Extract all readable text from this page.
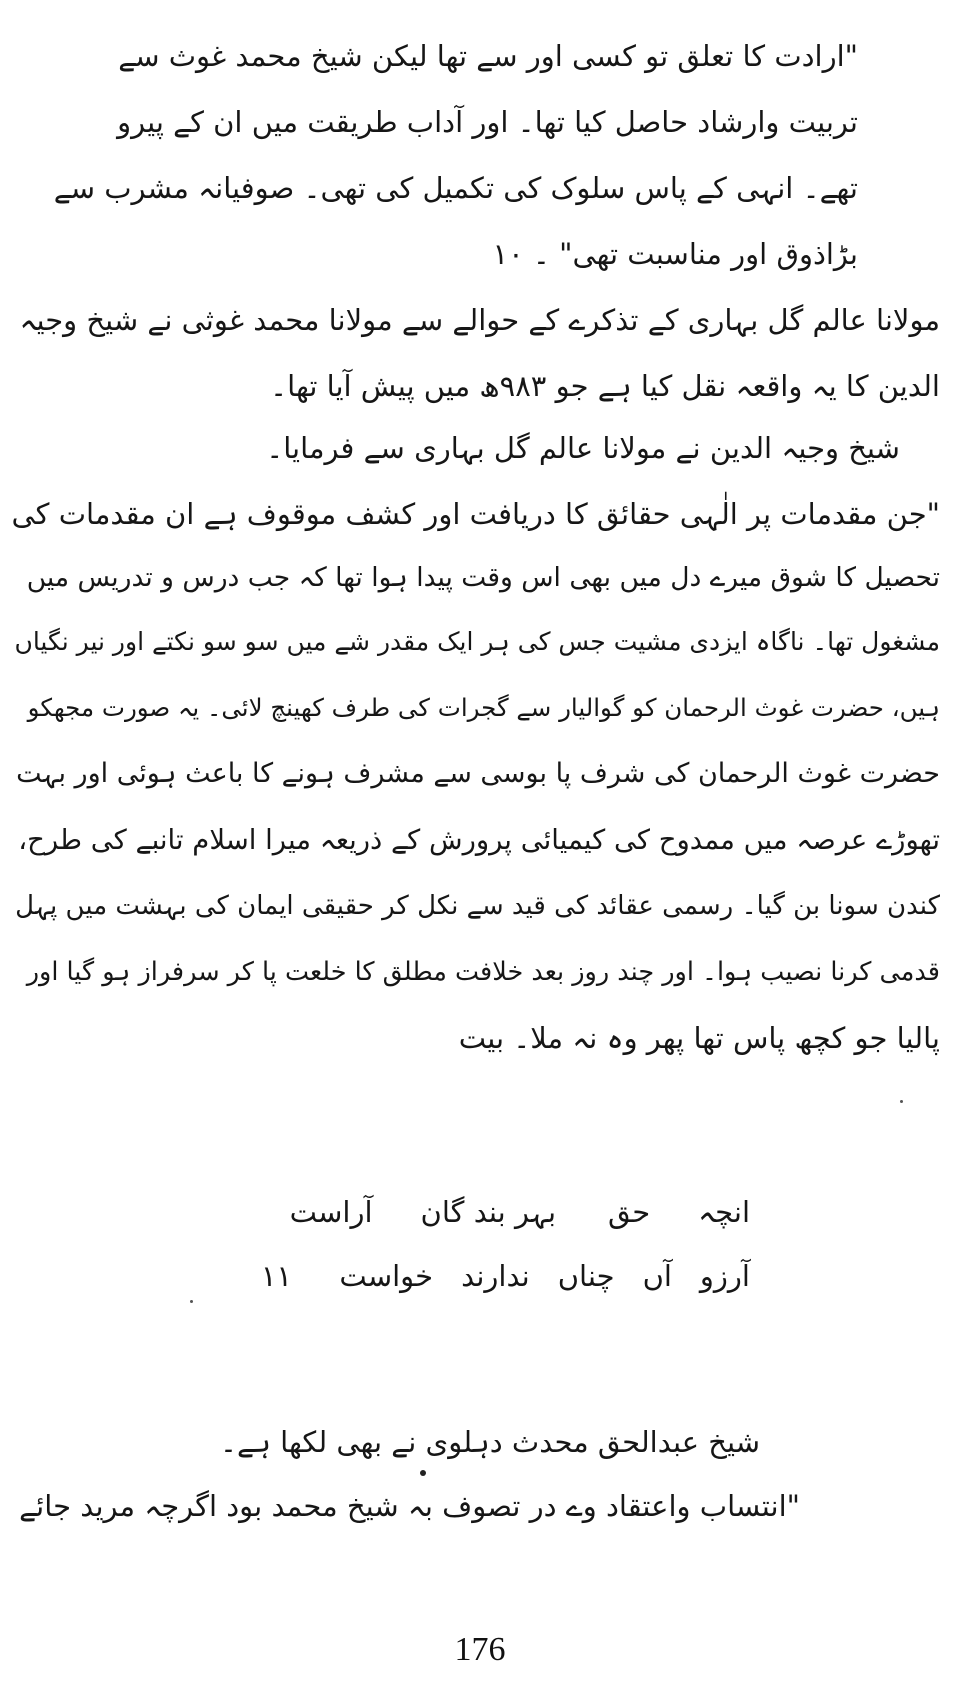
"ارادت کا تعلق تو کسی اور سے تھا لیکن شیخ محمد غوث سے
تربیت وارشاد حاصل کیا تھا۔ اور آداب طریقت میں ان کے پیرو
تھے۔ انہی کے پاس سلوک کی تکمیل کی تھی۔ صوفیانہ مشرب سے
بڑاذوق اور مناسبت تھی" ۔ ۱۰
مولانا عالم گل بہاری کے تذکرے کے حوالے سے مولانا محمد غوثی نے شیخ وجیہ
الدین کا یہ واقعہ نقل کیا ہے جو ۹۸۳ھ میں پیش آیا تھا۔
شیخ وجیہ الدین نے مولانا عالم گل بہاری سے فرمایا۔
"جن مقدمات پر الٰہی حقائق کا دریافت اور کشف موقوف ہے ان مقدمات کی
تحصیل کا شوق میرے دل میں بھی اس وقت پیدا ہوا تھا کہ جب درس و تدریس میں
مشغول تھا۔ ناگاہ ایزدی مشیت جس کی ہر ایک مقدر شے میں سو سو نکتے اور نیر نگیاں
ہیں، حضرت غوث الرحمان کو گوالیار سے گجرات کی طرف کھینچ لائی۔ یہ صورت مجھکو
حضرت غوث الرحمان کی شرف پا بوسی سے مشرف ہونے کا باعث ہوئی اور بہت
تھوڑے عرصہ میں ممدوح کی کیمیائی پرورش کے ذریعہ میرا اسلام تانبے کی طرح،
کندن سونا بن گیا۔ رسمی عقائد کی قید سے نکل کر حقیقی ایمان کی بہشت میں پہل
قدمی کرنا نصیب ہوا۔ اور چند روز بعد خلافت مطلق کا خلعت پا کر سرفراز ہو گیا اور
پالیا جو کچھ پاس تھا پھر وہ نہ ملا۔ بیت
انچہ
حق
بہر بند گان
آراست
آرزو
آں
چناں
ندارند
خواست
۱۱
شیخ عبدالحق محدث دہلوی نے بھی لکھا ہے۔
"انتساب واعتقاد وے در تصوف بہ شیخ محمد بود اگرچہ مرید جائے
176
